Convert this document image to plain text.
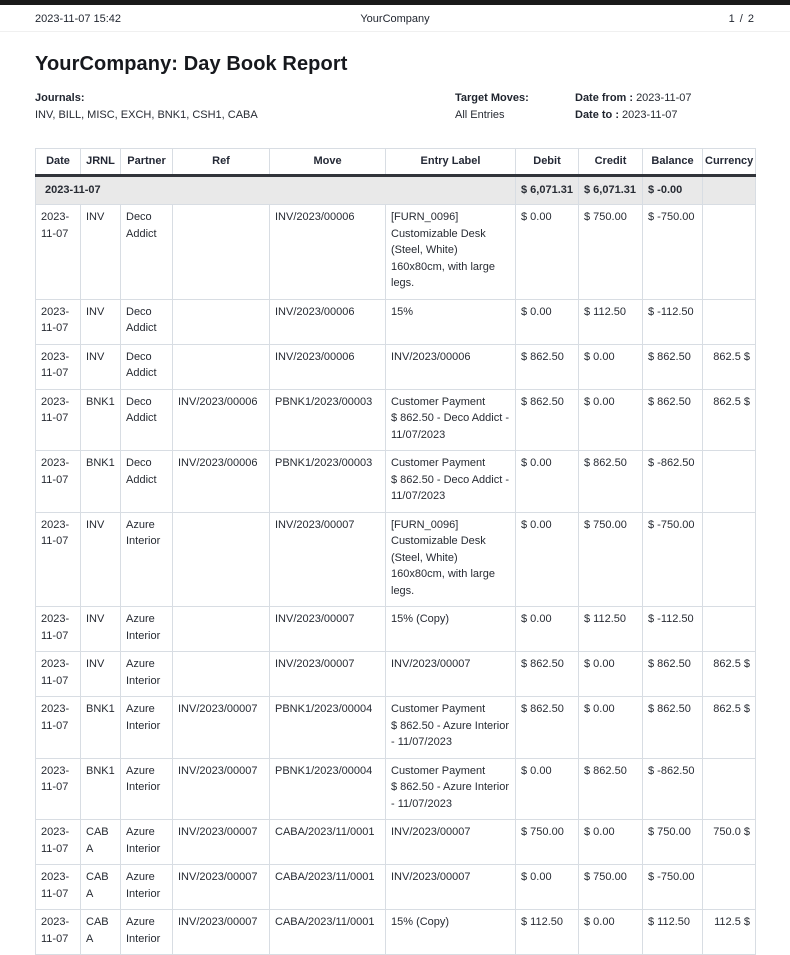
2023-11-07 15:42	YourCompany	1 / 2
YourCompany: Day Book Report
Journals:
INV, BILL, MISC, EXCH, BNK1, CSH1, CABA
Target Moves:
All Entries
Date from : 2023-11-07
Date to : 2023-11-07
Date	JRNL	Partner	Ref	Move	Entry Label	Debit	Credit	Balance	Currency
2023-11-07						$ 6,071.31	$ 6,071.31	$ -0.00	
2023-11-07	INV	Deco Addict		INV/2023/00006	[FURN_0096] Customizable Desk (Steel, White) 160x80cm, with large legs.	$ 0.00	$ 750.00	$ -750.00	
2023-11-07	INV	Deco Addict		INV/2023/00006	15%	$ 0.00	$ 112.50	$ -112.50	
2023-11-07	INV	Deco Addict		INV/2023/00006	INV/2023/00006	$ 862.50	$ 0.00	$ 862.50	862.5 $
2023-11-07	BNK1	Deco Addict	INV/2023/00006	PBNK1/2023/00003	Customer Payment $ 862.50 - Deco Addict - 11/07/2023	$ 862.50	$ 0.00	$ 862.50	862.5 $
2023-11-07	BNK1	Deco Addict	INV/2023/00006	PBNK1/2023/00003	Customer Payment $ 862.50 - Deco Addict - 11/07/2023	$ 0.00	$ 862.50	$ -862.50	
2023-11-07	INV	Azure Interior		INV/2023/00007	[FURN_0096] Customizable Desk (Steel, White) 160x80cm, with large legs.	$ 0.00	$ 750.00	$ -750.00	
2023-11-07	INV	Azure Interior		INV/2023/00007	15% (Copy)	$ 0.00	$ 112.50	$ -112.50	
2023-11-07	INV	Azure Interior		INV/2023/00007	INV/2023/00007	$ 862.50	$ 0.00	$ 862.50	862.5 $
2023-11-07	BNK1	Azure Interior	INV/2023/00007	PBNK1/2023/00004	Customer Payment $ 862.50 - Azure Interior - 11/07/2023	$ 862.50	$ 0.00	$ 862.50	862.5 $
2023-11-07	BNK1	Azure Interior	INV/2023/00007	PBNK1/2023/00004	Customer Payment $ 862.50 - Azure Interior - 11/07/2023	$ 0.00	$ 862.50	$ -862.50	
2023-11-07	CABA	Azure Interior	INV/2023/00007	CABA/2023/11/0001	INV/2023/00007	$ 750.00	$ 0.00	$ 750.00	750.0 $
2023-11-07	CABA	Azure Interior	INV/2023/00007	CABA/2023/11/0001	INV/2023/00007	$ 0.00	$ 750.00	$ -750.00	
2023-11-07	CABA	Azure Interior	INV/2023/00007	CABA/2023/11/0001	15% (Copy)	$ 112.50	$ 0.00	$ 112.50	112.5 $
